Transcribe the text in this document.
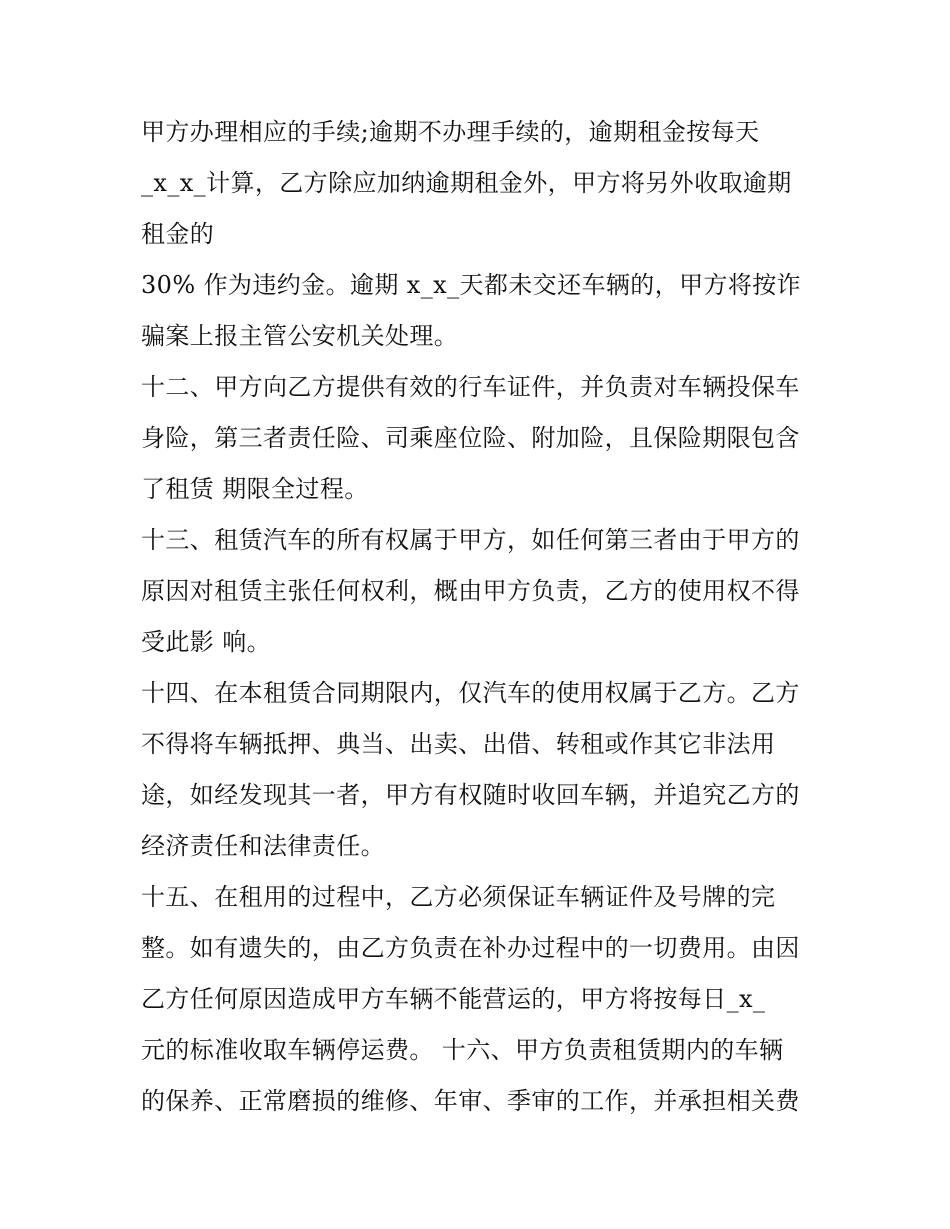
甲方办理相应的手续;逾期不办理手续的，逾期租金按每天
_x_x_计算，乙方除应加纳逾期租金外，甲方将另外收取逾期
租金的
30% 作为违约金。逾期 x_x_天都未交还车辆的，甲方将按诈
骗案上报主管公安机关处理。
十二、甲方向乙方提供有效的行车证件，并负责对车辆投保车
身险，第三者责任险、司乘座位险、附加险，且保险期限包含
了租赁 期限全过程。
十三、租赁汽车的所有权属于甲方，如任何第三者由于甲方的
原因对租赁主张任何权利，概由甲方负责，乙方的使用权不得
受此影 响。
十四、在本租赁合同期限内，仅汽车的使用权属于乙方。乙方
不得将车辆抵押、典当、出卖、出借、转租或作其它非法用
途，如经发现其一者，甲方有权随时收回车辆，并追究乙方的
经济责任和法律责任。
十五、在租用的过程中，乙方必须保证车辆证件及号牌的完
整。如有遗失的，由乙方负责在补办过程中的一切费用。由因
乙方任何原因造成甲方车辆不能营运的，甲方将按每日_x_
元的标准收取车辆停运费。 十六、甲方负责租赁期内的车辆
的保养、正常磨损的维修、年审、季审的工作，并承担相关费
